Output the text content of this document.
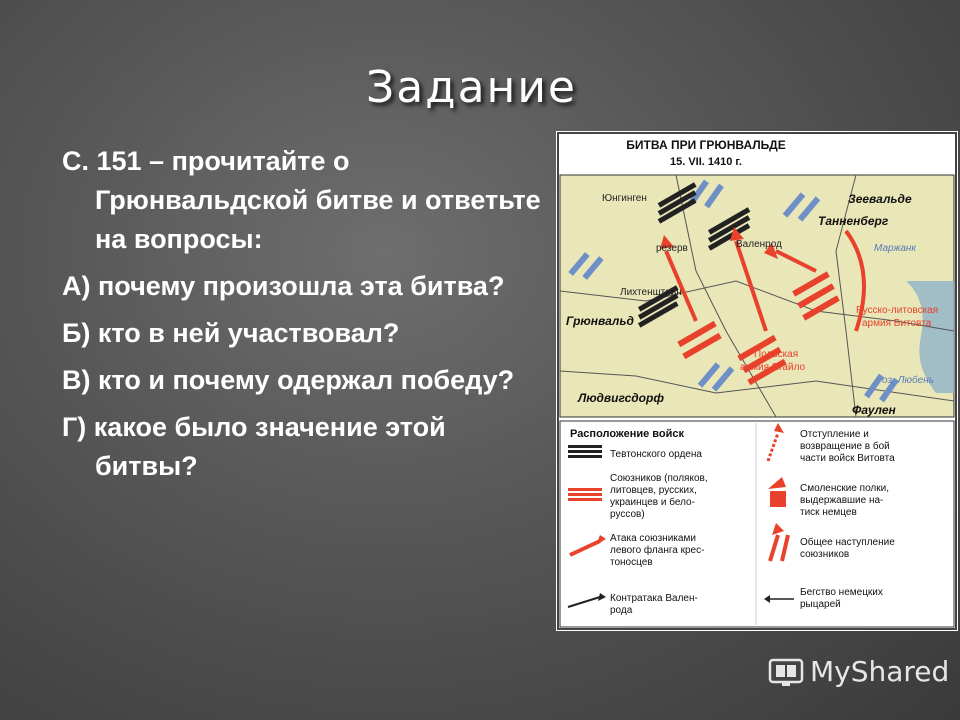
Задание

С. 151 – прочитайте о Грюнвальдской битве и ответьте на вопросы:

А) почему произошла эта битва?

Б) кто в ней участвовал?

В) кто и почему одержал победу?

Г) какое было значение этой битвы?

БИТВА ПРИ ГРЮНВАЛЬДЕ
15. VII. 1410 г.
Зеевальде
Танненберг
Грюнвальд
Людвигсдорф
Фаулен
Маржанк
оз. Любень
Юнгинген
резерв	Валенрод
Лихтенштейн
Русско-литовская
армия Витовта
Польская
армия Ягайло
Расположение войск
Тевтонского ордена
Союзников (поляков,
литовцев, русских,
украинцев и бело-
руссов)
Атака союзниками
левого фланга крес-
тоносцев
Контратака Вален-
рода
Отступление и
возвращение в бой
части войск Витовта
Смоленские полки,
выдержавшие на-
тиск немцев
Общее наступление
союзников
Бегство немецких
рыцарей
MyShared
